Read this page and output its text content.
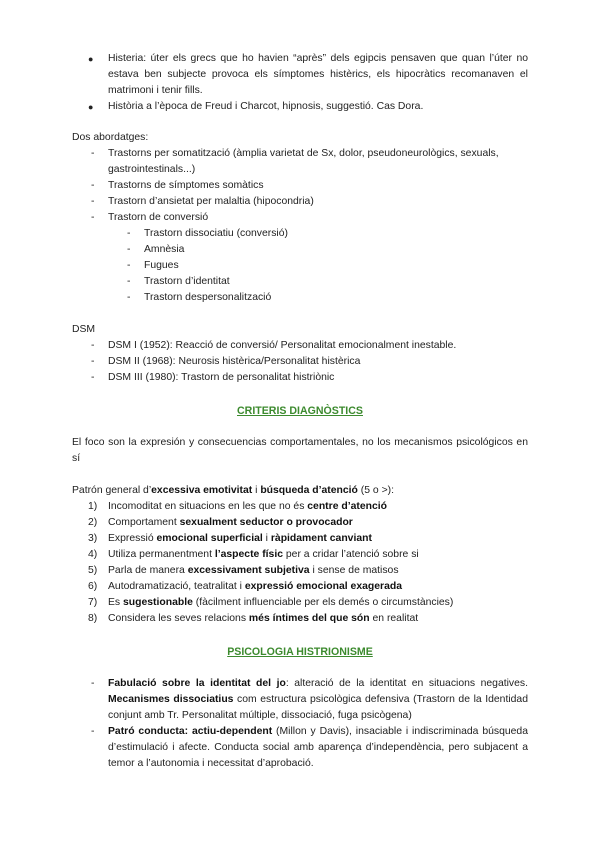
● Histeria: úter els grecs que ho havien “après” dels egipcis pensaven que quan l’úter no estava ben subjecte provoca els símptomes histèrics, els hipocràtics recomanaven el matrimoni i tenir fills.
● Història a l’època de Freud i Charcot, hipnosis, suggestió. Cas Dora.
Dos abordatges:
- Trastorns per somatització (àmplia varietat de Sx, dolor, pseudoneurològics, sexuals, gastrointestinals...)
- Trastorns de símptomes somàtics
- Trastorn d’ansietat per malaltia (hipocondria)
- Trastorn de conversió
- Trastorn dissociatiu (conversió)
- Amnèsia
- Fugues
- Trastorn d’identitat
- Trastorn despersonalització
DSM
- DSM I (1952): Reacció de conversió/ Personalitat emocionalment inestable.
- DSM II (1968): Neurosis histèrica/Personalitat histèrica
- DSM III (1980): Trastorn de personalitat histriònic
CRITERIS DIAGNÒSTICS
El foco son la expresión y consecuencias comportamentales, no los mecanismos psicológicos en sí
Patrón general d’excessiva emotivitat i búsqueda d’atenció (5 o >):
1) Incomoditat en situacions en les que no és centre d’atenció
2) Comportament sexualment seductor o provocador
3) Expressió emocional superficial i ràpidament canviant
4) Utiliza permanentment l’aspecte físic per a cridar l’atenció sobre si
5) Parla de manera excessivament subjetiva i sense de matisos
6) Autodramatizació, teatralitat i expressió emocional exagerada
7) Es sugestionable (fàcilment influenciable per els demés o circumstàncies)
8) Considera les seves relacions més íntimes del que són en realitat
PSICOLOGIA HISTRIONISME
- Fabulació sobre la identitat del jo: alteració de la identitat en situacions negatives. Mecanismes dissociatius com estructura psicològica defensiva (Trastorn de la Identidad conjunt amb Tr. Personalitat múltiple, dissociació, fuga psicògena)
- Patró conducta: actiu-dependent (Millon y Davis), insaciable i indiscriminada búsqueda d’estimulació i afecte. Conducta social amb aparença d’independència, pero subjacent a temor a l’autonomia i necessitat d’aprobació.
